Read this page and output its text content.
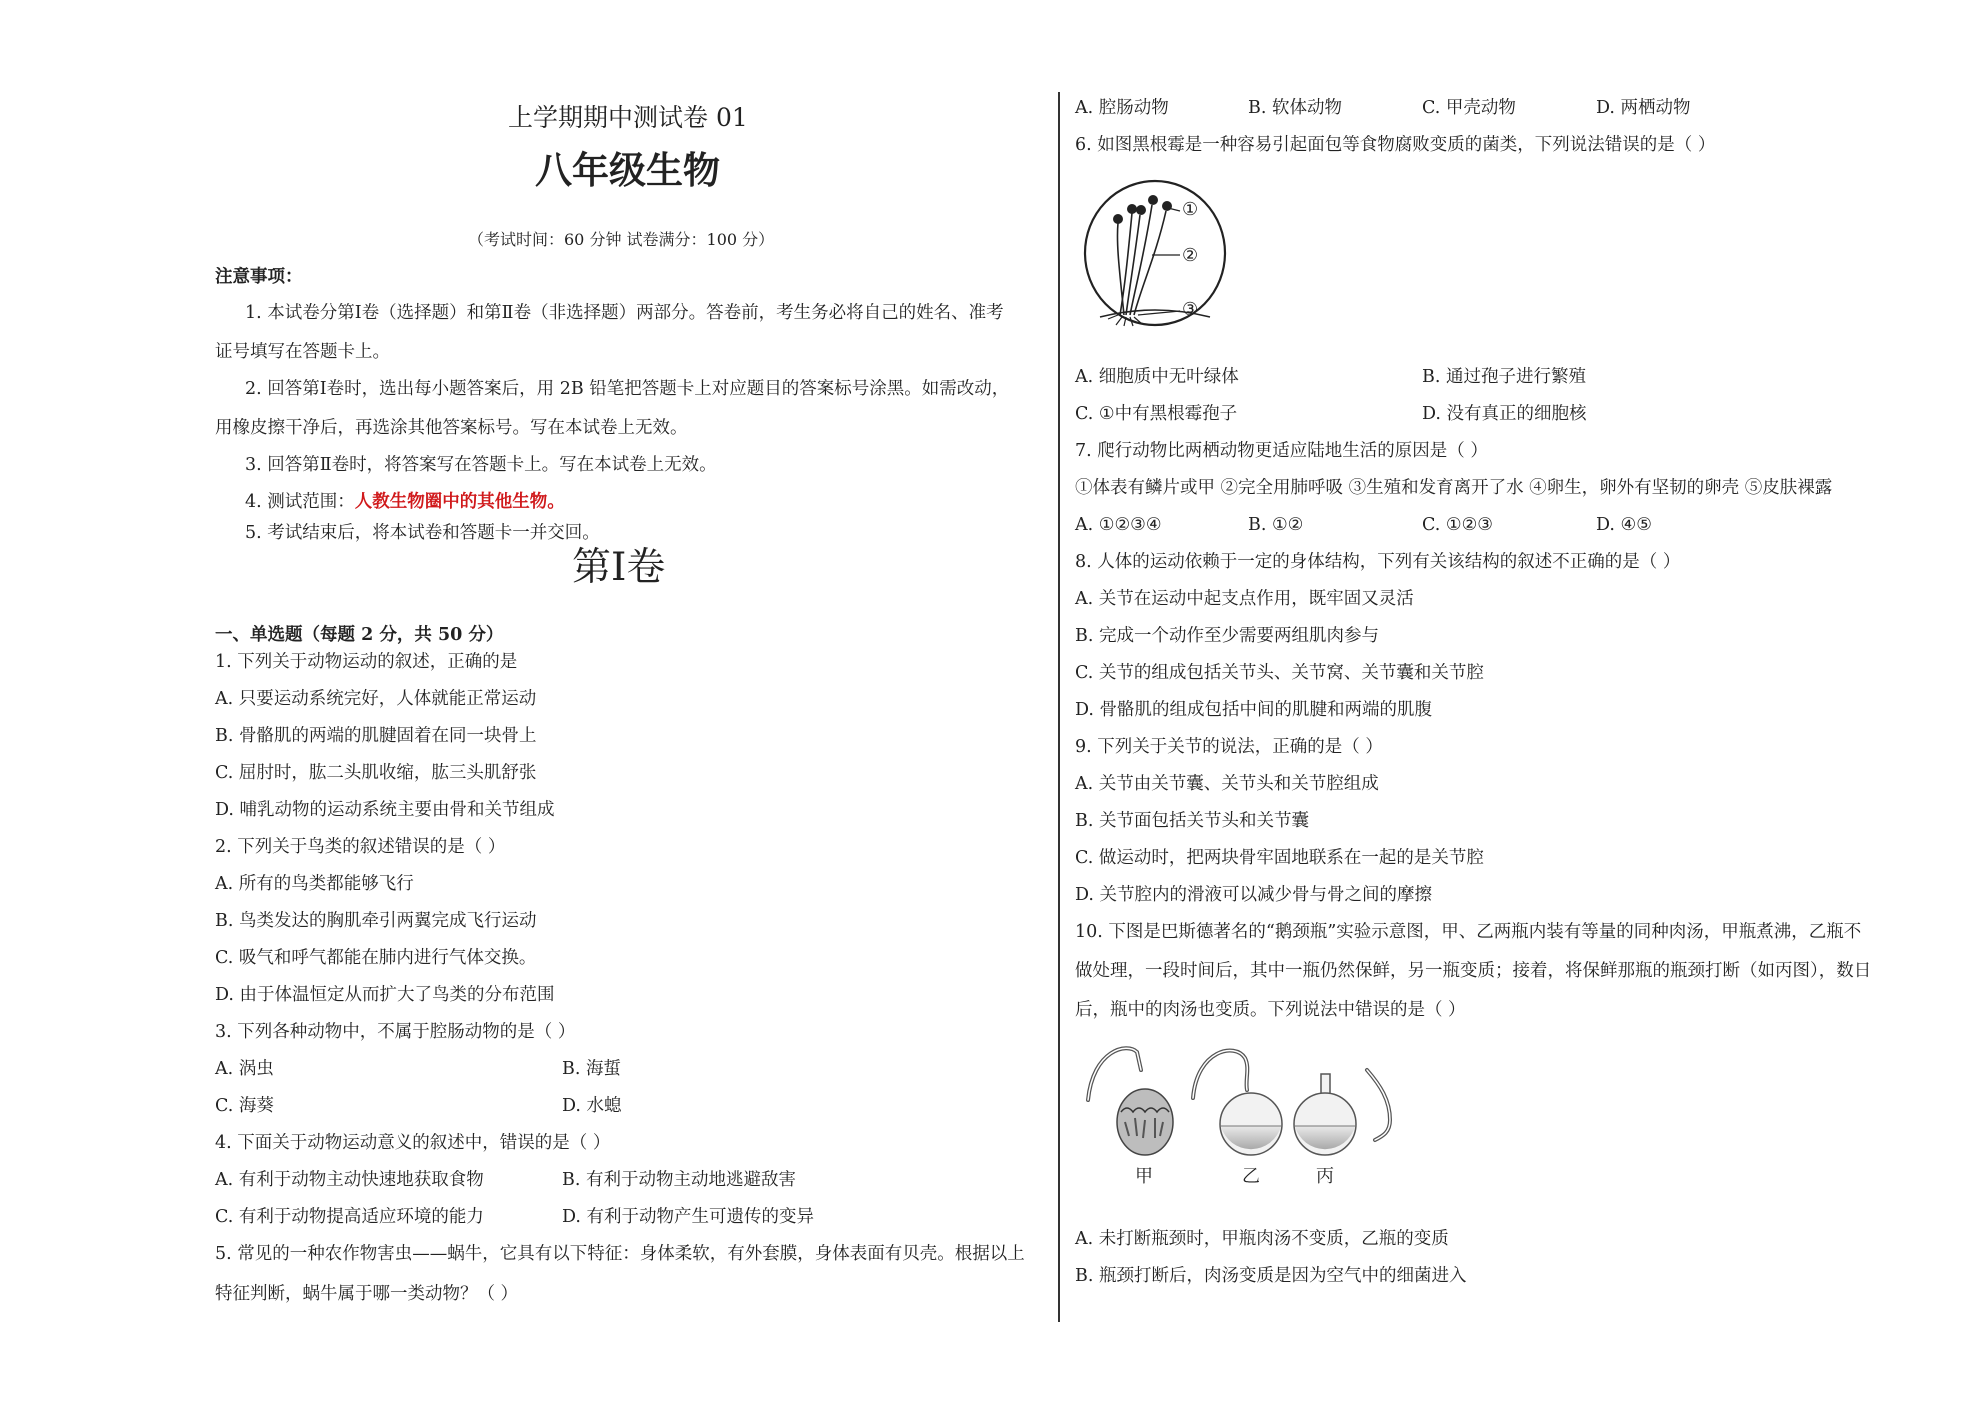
上学期期中测试卷 01
八年级生物
（考试时间：60 分钟 试卷满分：100 分）
注意事项：
1. 本试卷分第Ⅰ卷（选择题）和第Ⅱ卷（非选择题）两部分。答卷前，考生务必将自己的姓名、准考
证号填写在答题卡上。
2. 回答第Ⅰ卷时，选出每小题答案后，用 2B 铅笔把答题卡上对应题目的答案标号涂黑。如需改动，
用橡皮擦干净后，再选涂其他答案标号。写在本试卷上无效。
3. 回答第Ⅱ卷时，将答案写在答题卡上。写在本试卷上无效。
4. 测试范围：人教生物圈中的其他生物。
5. 考试结束后，将本试卷和答题卡一并交回。
第Ⅰ卷
一、单选题（每题 2 分，共 50 分）
1. 下列关于动物运动的叙述，正确的是
A. 只要运动系统完好，人体就能正常运动
B. 骨骼肌的两端的肌腱固着在同一块骨上
C. 屈肘时，肱二头肌收缩，肱三头肌舒张
D. 哺乳动物的运动系统主要由骨和关节组成
2. 下列关于鸟类的叙述错误的是（ ）
A. 所有的鸟类都能够飞行
B. 鸟类发达的胸肌牵引两翼完成飞行运动
C. 吸气和呼气都能在肺内进行气体交换。
D. 由于体温恒定从而扩大了鸟类的分布范围
3. 下列各种动物中，不属于腔肠动物的是（ ）
A. 涡虫	B. 海蜇
C. 海葵	D. 水螅
4. 下面关于动物运动意义的叙述中，错误的是（ ）
A. 有利于动物主动快速地获取食物	B. 有利于动物主动地逃避敌害
C. 有利于动物提高适应环境的能力	D. 有利于动物产生可遗传的变异
5. 常见的一种农作物害虫——蜗牛，它具有以下特征：身体柔软，有外套膜，身体表面有贝壳。根据以上
特征判断，蜗牛属于哪一类动物？（ ）
A. 腔肠动物	B. 软体动物	C. 甲壳动物	D. 两栖动物
6. 如图黑根霉是一种容易引起面包等食物腐败变质的菌类，下列说法错误的是（ ）
①
②
③
A. 细胞质中无叶绿体	B. 通过孢子进行繁殖
C. ①中有黑根霉孢子	D. 没有真正的细胞核
7. 爬行动物比两栖动物更适应陆地生活的原因是（ ）
①体表有鳞片或甲 ②完全用肺呼吸 ③生殖和发育离开了水 ④卵生，卵外有坚韧的卵壳 ⑤皮肤裸露
A. ①②③④	B. ①②	C. ①②③	D. ④⑤
8. 人体的运动依赖于一定的身体结构，下列有关该结构的叙述不正确的是（ ）
A. 关节在运动中起支点作用，既牢固又灵活
B. 完成一个动作至少需要两组肌肉参与
C. 关节的组成包括关节头、关节窝、关节囊和关节腔
D. 骨骼肌的组成包括中间的肌腱和两端的肌腹
9. 下列关于关节的说法，正确的是（ ）
A. 关节由关节囊、关节头和关节腔组成
B. 关节面包括关节头和关节囊
C. 做运动时，把两块骨牢固地联系在一起的是关节腔
D. 关节腔内的滑液可以减少骨与骨之间的摩擦
10. 下图是巴斯德著名的“鹅颈瓶”实验示意图，甲、乙两瓶内装有等量的同种肉汤，甲瓶煮沸，乙瓶不
做处理，一段时间后，其中一瓶仍然保鲜，另一瓶变质；接着，将保鲜那瓶的瓶颈打断（如丙图），数日
后，瓶中的肉汤也变质。下列说法中错误的是（ ）
甲	乙	丙
A. 未打断瓶颈时，甲瓶肉汤不变质，乙瓶的变质
B. 瓶颈打断后，肉汤变质是因为空气中的细菌进入
